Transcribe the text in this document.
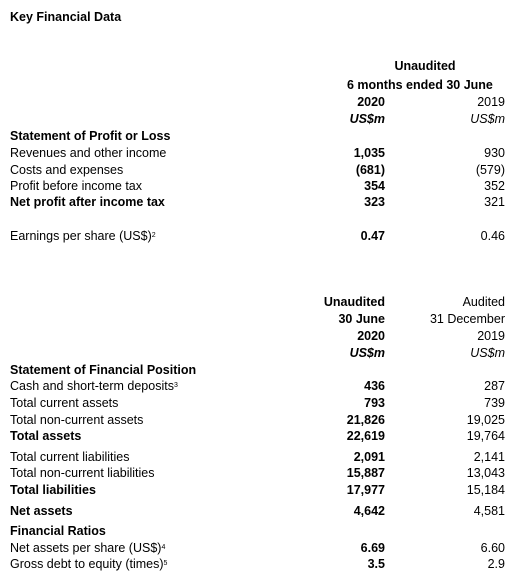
Key Financial Data
Unaudited
6 months ended 30 June
2020	2019
US$m	US$m
Statement of Profit or Loss
Revenues and other income	1,035	930
Costs and expenses	(681)	(579)
Profit before income tax	354	352
Net profit after income tax	323	321
Earnings per share (US$)$^2$	0.47	0.46
Unaudited	Audited
30 June	31 December
2020	2019
US$m	US$m
Statement of Financial Position
Cash and short-term deposits$^3$	436	287
Total current assets	793	739
Total non-current assets	21,826	19,025
Total assets	22,619	19,764
Total current liabilities	2,091	2,141
Total non-current liabilities	15,887	13,043
Total liabilities	17,977	15,184
Net assets	4,642	4,581
Financial Ratios
Net assets per share (US$)$^4$	6.69	6.60
Gross debt to equity (times)$^5$	3.5	2.9
